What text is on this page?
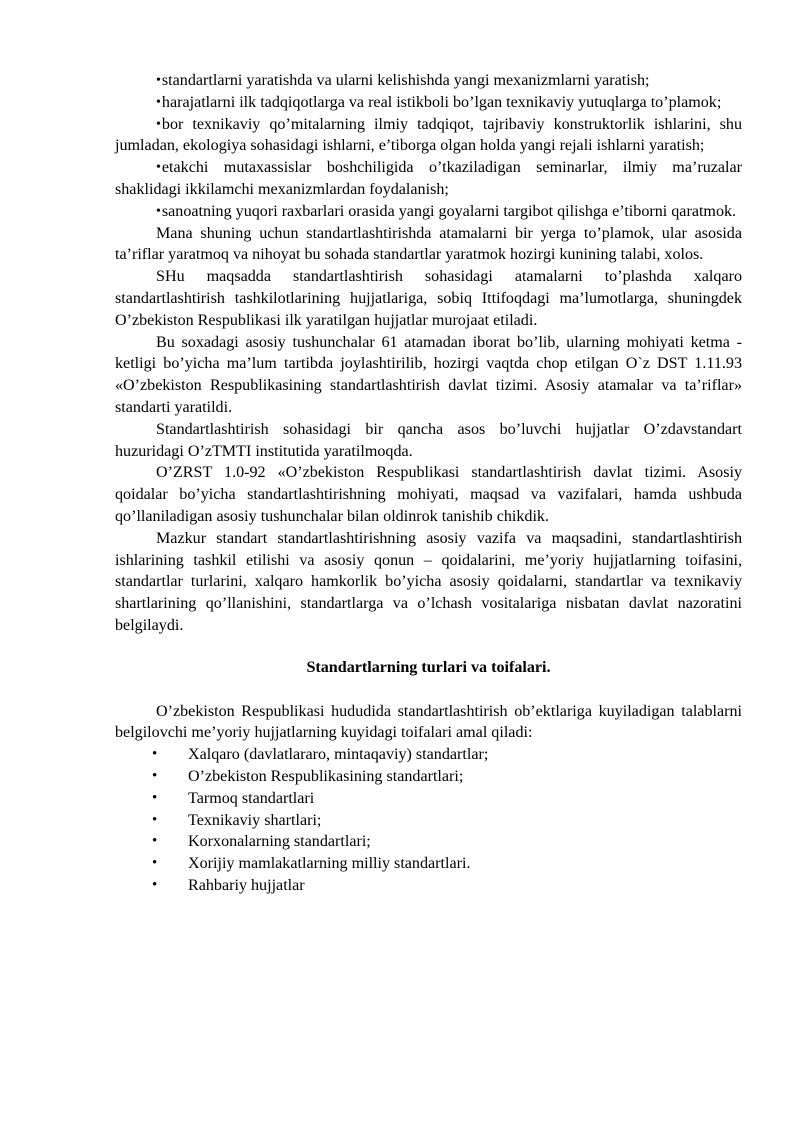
•standartlarni yaratishda va ularni kelishishda yangi mexanizmlarni yaratish;

•harajatlarni ilk tadqiqotlarga va real istikboli bo’lgan texnikaviy yutuqlarga to’plamok;

•bor texnikaviy qo’mitalarning ilmiy tadqiqot, tajribaviy konstruktorlik ishlarini, shu jumladan, ekologiya sohasidagi ishlarni, e’tiborga olgan holda yangi rejali ishlarni yaratish;

•etakchi mutaxassislar boshchiligida o’tkaziladigan seminarlar, ilmiy ma’ruzalar shaklidagi ikkilamchi mexanizmlardan foydalanish;

•sanoatning yuqori raxbarlari orasida yangi goyalarni targibot qilishga e’tiborni qaratmok.

Mana shuning uchun standartlashtirishda atamalarni bir yerga to’plamok, ular asosida ta’riflar yaratmoq va nihoyat bu sohada standartlar yaratmok hozirgi kunining talabi, xolos.

SHu maqsadda standartlashtirish sohasidagi atamalarni to’plashda xalqaro standartlashtirish tashkilotlarining hujjatlariga, sobiq Ittifoqdagi ma’lumotlarga, shuningdek O’zbekiston Respublikasi ilk yaratilgan hujjatlar murojaat etiladi.

Bu soxadagi asosiy tushunchalar 61 atamadan iborat bo’lib, ularning mohiyati ketma - ketligi bo’yicha ma’lum tartibda joylashtirilib, hozirgi vaqtda chop etilgan O`z DST 1.11.93 «O’zbekiston Respublikasining standartlashtirish davlat tizimi. Asosiy atamalar va ta’riflar» standarti yaratildi.

Standartlashtirish sohasidagi bir qancha asos bo’luvchi hujjatlar O’zdavstandart huzuridagi O’zTMTI institutida yaratilmoqda.

O’ZRST 1.0-92 «O’zbekiston Respublikasi standartlashtirish davlat tizimi. Asosiy qoidalar bo’yicha standartlashtirishning mohiyati, maqsad va vazifalari, hamda ushbuda qo’llaniladigan asosiy tushunchalar bilan oldinrok tanishib chikdik.

Mazkur standart standartlashtirishning asosiy vazifa va maqsadini, standartlashtirish ishlarining tashkil etilishi va asosiy qonun – qoidalarini, me’yoriy hujjatlarning toifasini, standartlar turlarini, xalqaro hamkorlik bo’yicha asosiy qoidalarni, standartlar va texnikaviy shartlarining qo’llanishini, standartlarga va o’lchash vositalariga nisbatan davlat nazoratini belgilaydi.

Standartlarning turlari va toifalari.

O’zbekiston Respublikasi hududida standartlashtirish ob’ektlariga kuyiladigan talablarni belgilovchi me’yoriy hujjatlarning kuyidagi toifalari amal qiladi:

• Xalqaro (davlatlararo, mintaqaviy) standartlar;
• O’zbekiston Respublikasining standartlari;
• Tarmoq standartlari
• Texnikaviy shartlari;
• Korxonalarning standartlari;
• Xorijiy mamlakatlarning milliy standartlari.
• Rahbariy hujjatlar
